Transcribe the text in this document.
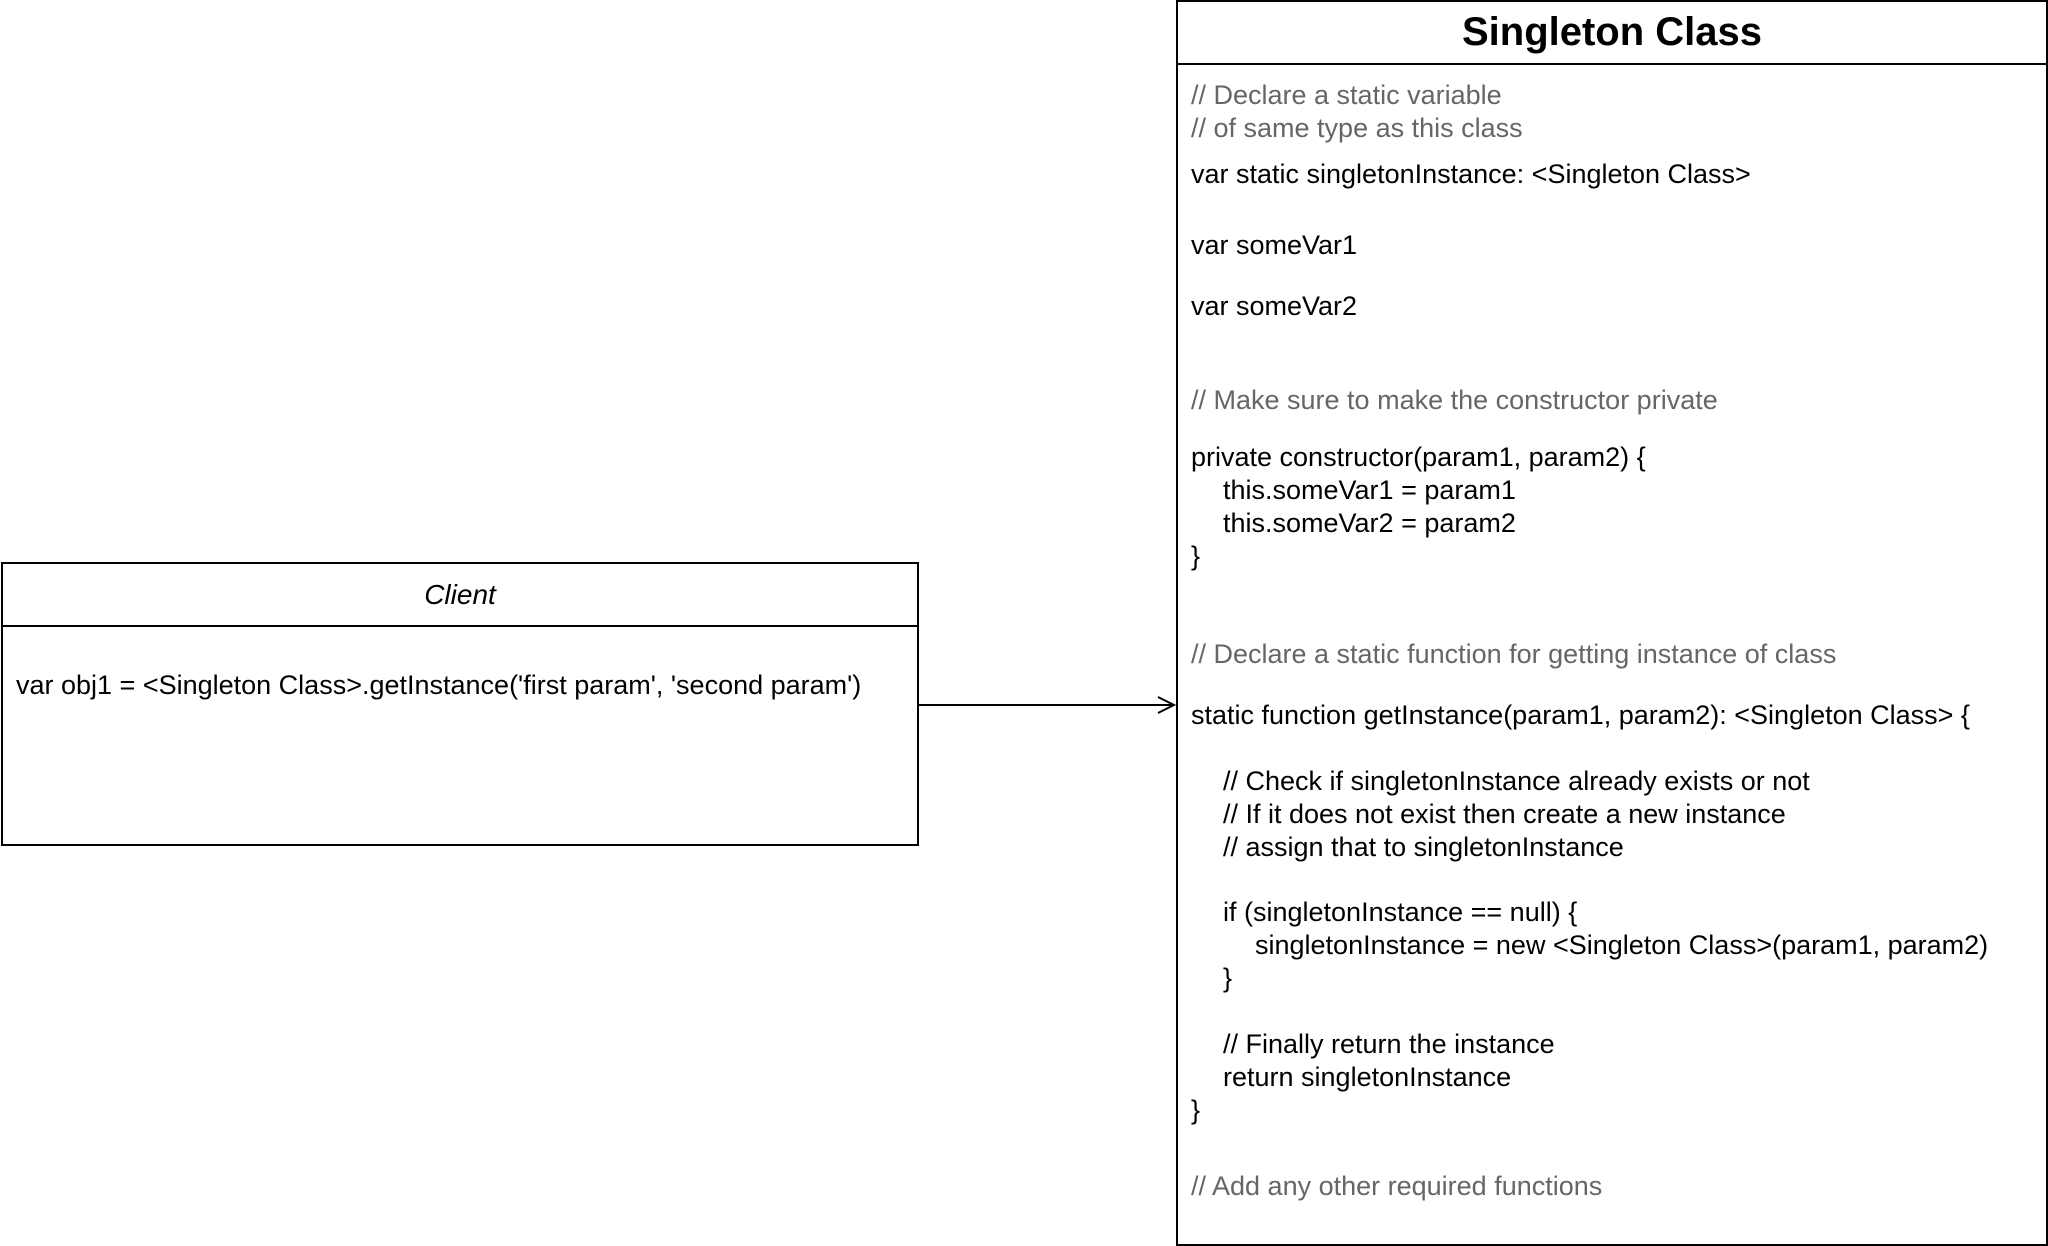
Client
var obj1 = <Singleton Class>.getInstance('first param', 'second param')
Singleton Class
// Declare a static variable
// of same type as this class
var static singletonInstance: <Singleton Class>
var someVar1
var someVar2
// Make sure to make the constructor private
private constructor(param1, param2) {
this.someVar1 = param1
this.someVar2 = param2
}
// Declare a static function for getting instance of class
static function getInstance(param1, param2): <Singleton Class> {
// Check if singletonInstance already exists or not
// If it does not exist then create a new instance
// assign that to singletonInstance
if (singletonInstance == null) {
singletonInstance = new <Singleton Class>(param1, param2)
}
// Finally return the instance
return singletonInstance
}
// Add any other required functions
